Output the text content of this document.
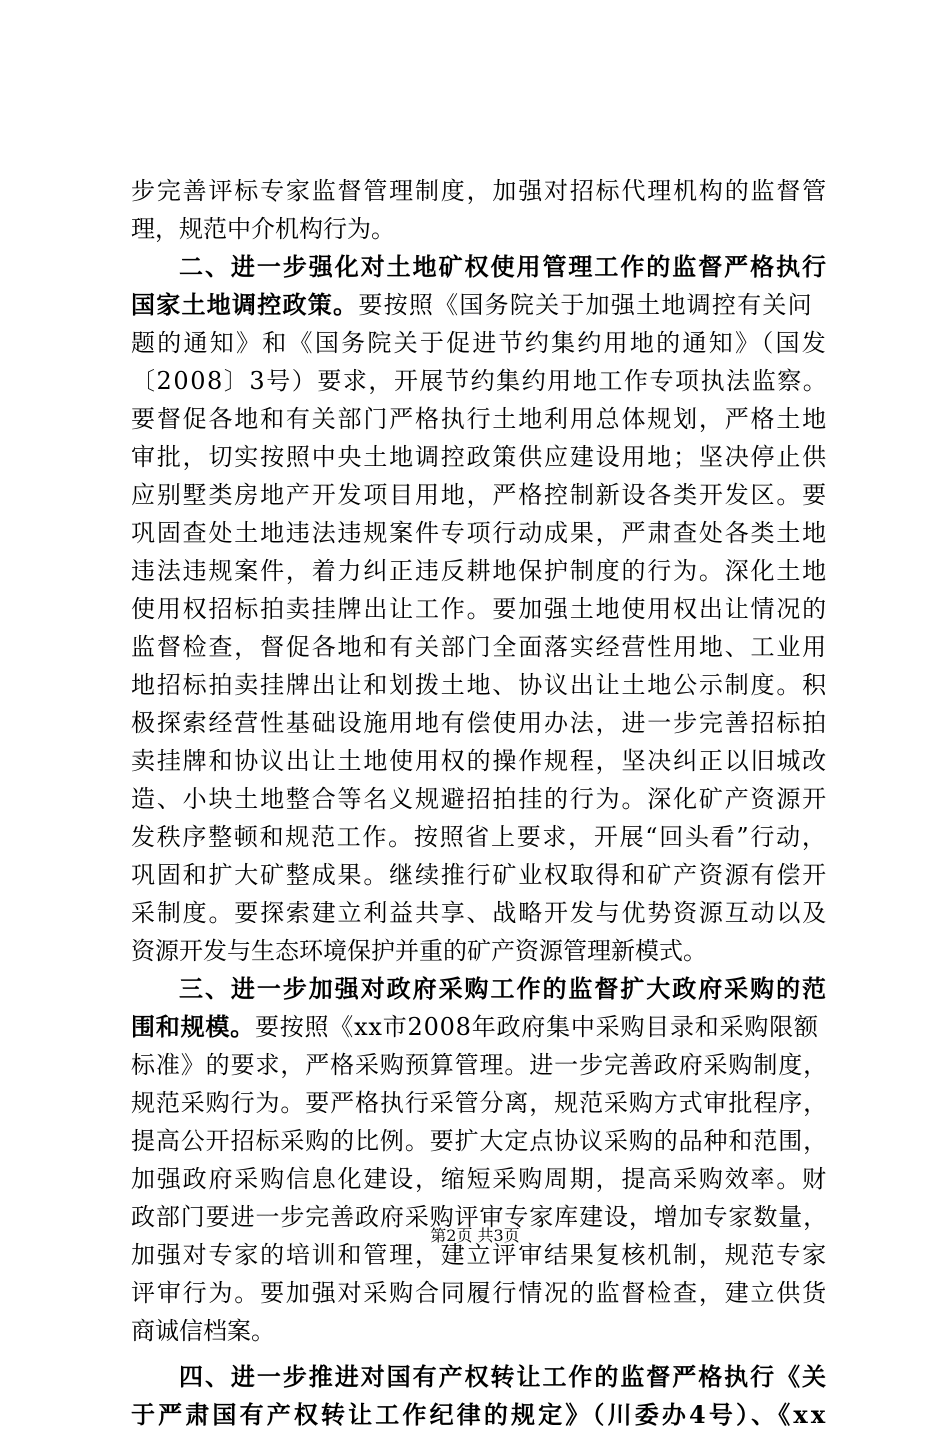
步完善评标专家监督管理制度，加强对招标代理机构的监督管
理，规范中介机构行为。
二、进一步强化对土地矿权使用管理工作的监督严格执行
国家土地调控政策。要按照《国务院关于加强土地调控有关问
题的通知》和《国务院关于促进节约集约用地的通知》（国发
〔2008〕3号）要求，开展节约集约用地工作专项执法监察。
要督促各地和有关部门严格执行土地利用总体规划，严格土地
审批，切实按照中央土地调控政策供应建设用地；坚决停止供
应别墅类房地产开发项目用地，严格控制新设各类开发区。要
巩固查处土地违法违规案件专项行动成果，严肃查处各类土地
违法违规案件，着力纠正违反耕地保护制度的行为。深化土地
使用权招标拍卖挂牌出让工作。要加强土地使用权出让情况的
监督检查，督促各地和有关部门全面落实经营性用地、工业用
地招标拍卖挂牌出让和划拨土地、协议出让土地公示制度。积
极探索经营性基础设施用地有偿使用办法，进一步完善招标拍
卖挂牌和协议出让土地使用权的操作规程，坚决纠正以旧城改
造、小块土地整合等名义规避招拍挂的行为。深化矿产资源开
发秩序整顿和规范工作。按照省上要求，开展“回头看”行动，
巩固和扩大矿整成果。继续推行矿业权取得和矿产资源有偿开
采制度。要探索建立利益共享、战略开发与优势资源互动以及
资源开发与生态环境保护并重的矿产资源管理新模式。
三、进一步加强对政府采购工作的监督扩大政府采购的范
围和规模。要按照《xx市2008年政府集中采购目录和采购限额
标准》的要求，严格采购预算管理。进一步完善政府采购制度，
规范采购行为。要严格执行采管分离，规范采购方式审批程序，
提高公开招标采购的比例。要扩大定点协议采购的品种和范围，
加强政府采购信息化建设，缩短采购周期，提高采购效率。财
政部门要进一步完善政府采购评审专家库建设，增加专家数量，
加强对专家的培训和管理，建立评审结果复核机制，规范专家
评审行为。要加强对采购合同履行情况的监督检查，建立供货
商诚信档案。
四、进一步推进对国有产权转让工作的监督严格执行《关
于严肃国有产权转让工作纪律的规定》（川委办4号）、《xx
第2页 共3页
